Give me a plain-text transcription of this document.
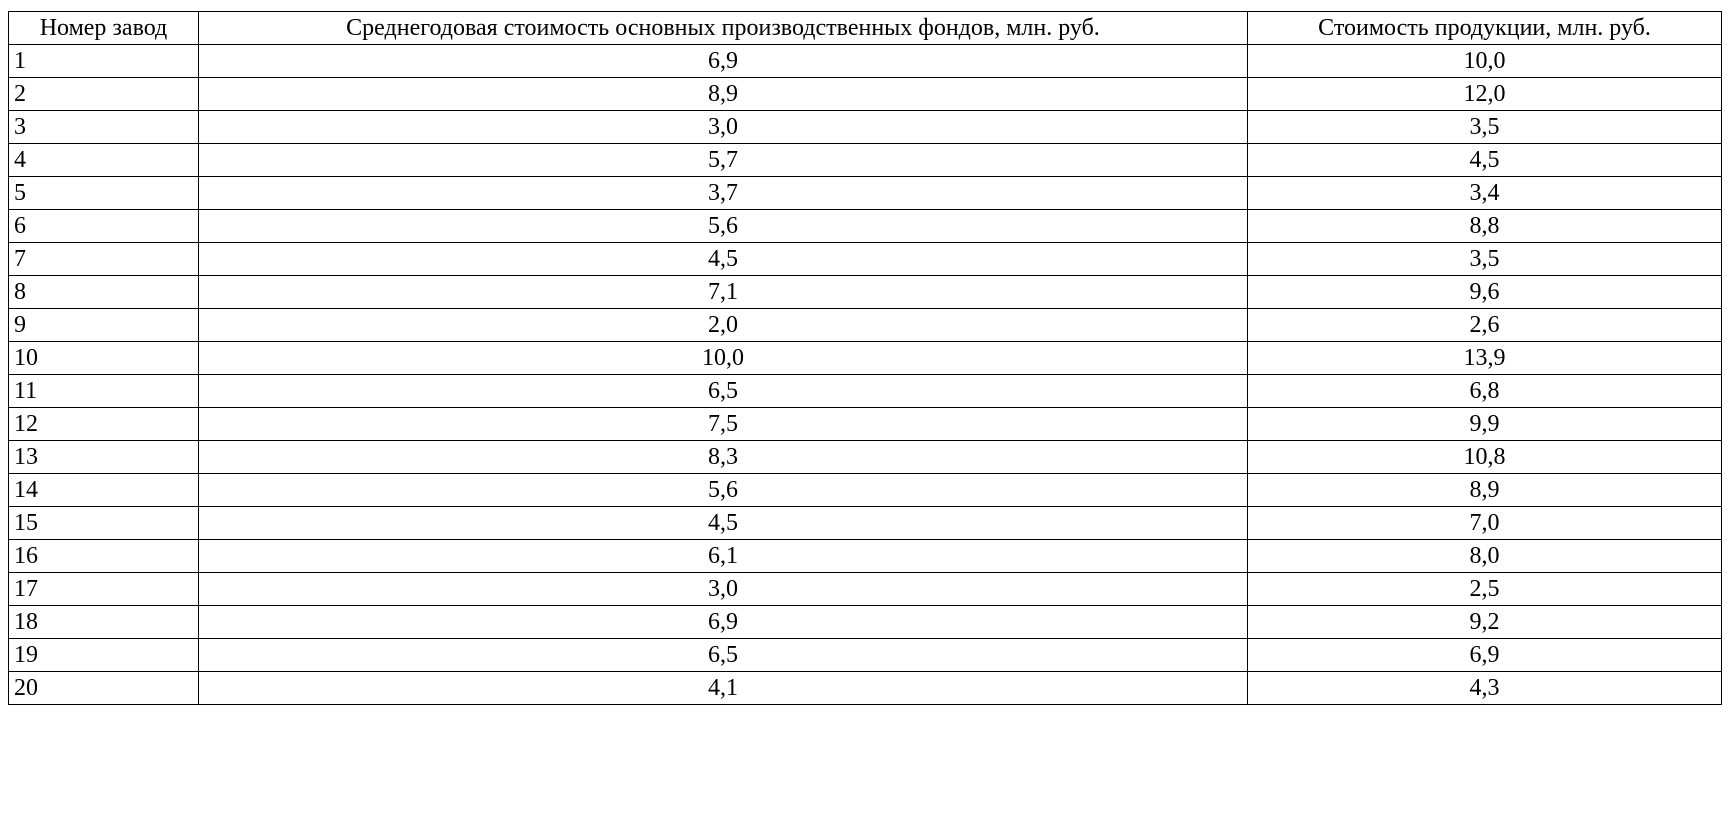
Номер завод	Среднегодовая стоимость основных производственных фондов, млн. руб.	Стоимость продукции, млн. руб.
1	6,9	10,0
2	8,9	12,0
3	3,0	3,5
4	5,7	4,5
5	3,7	3,4
6	5,6	8,8
7	4,5	3,5
8	7,1	9,6
9	2,0	2,6
10	10,0	13,9
11	6,5	6,8
12	7,5	9,9
13	8,3	10,8
14	5,6	8,9
15	4,5	7,0
16	6,1	8,0
17	3,0	2,5
18	6,9	9,2
19	6,5	6,9
20	4,1	4,3
